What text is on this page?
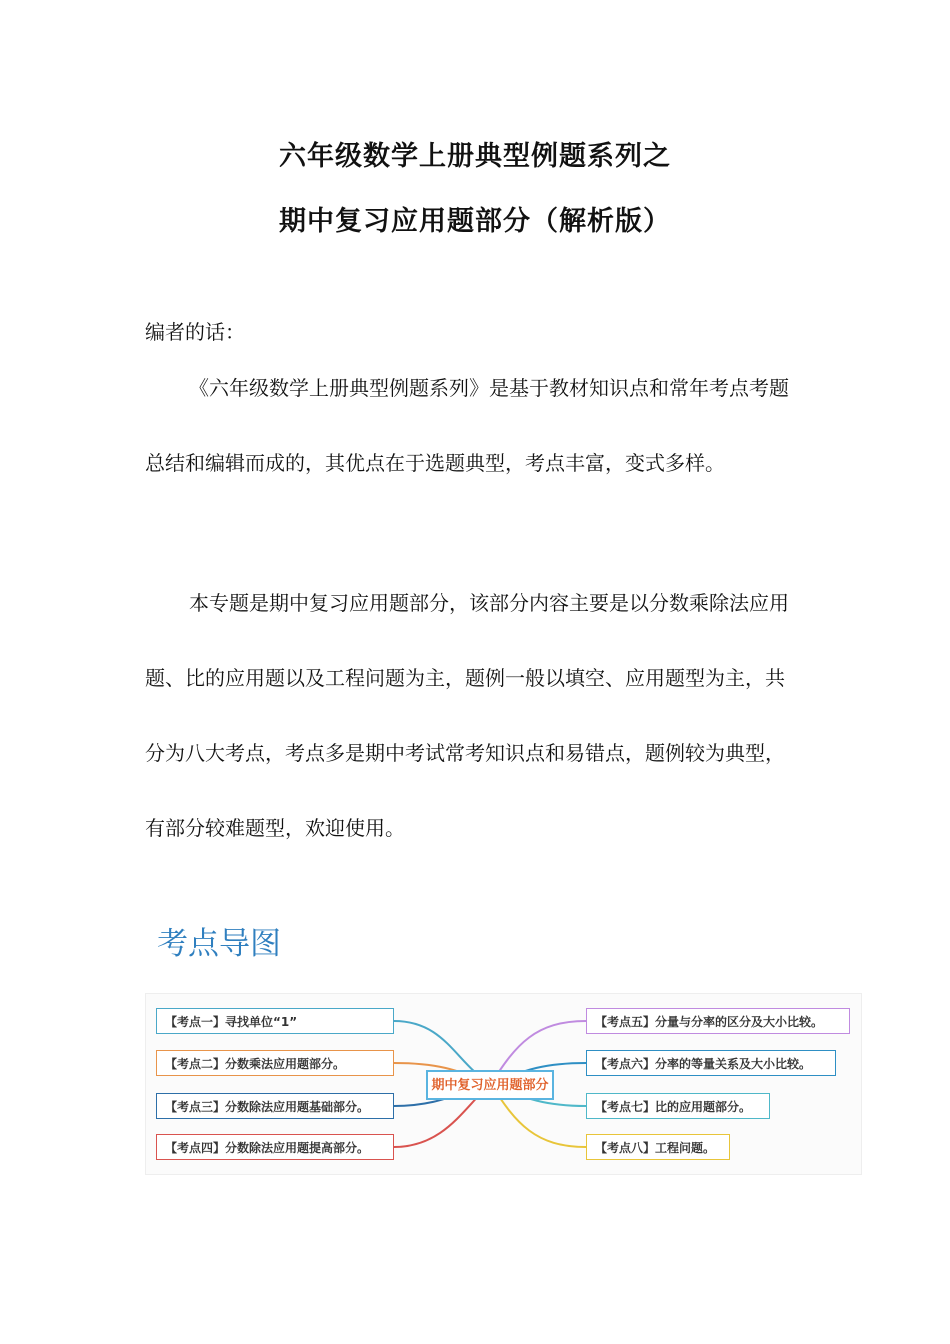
六年级数学上册典型例题系列之
期中复习应用题部分（解析版）
编者的话：

《六年级数学上册典型例题系列》是基于教材知识点和常年考点考题总结和编辑而成的，其优点在于选题典型，考点丰富，变式多样。

本专题是期中复习应用题部分，该部分内容主要是以分数乘除法应用题、比的应用题以及工程问题为主，题例一般以填空、应用题型为主，共分为八大考点，考点多是期中考试常考知识点和易错点，题例较为典型，有部分较难题型，欢迎使用。

考点导图
【考点一】寻找单位“1”
【考点二】分数乘法应用题部分。
【考点三】分数除法应用题基础部分。
【考点四】分数除法应用题提高部分。
期中复习应用题部分
【考点五】分量与分率的区分及大小比较。
【考点六】分率的等量关系及大小比较。
【考点七】比的应用题部分。
【考点八】工程问题。
